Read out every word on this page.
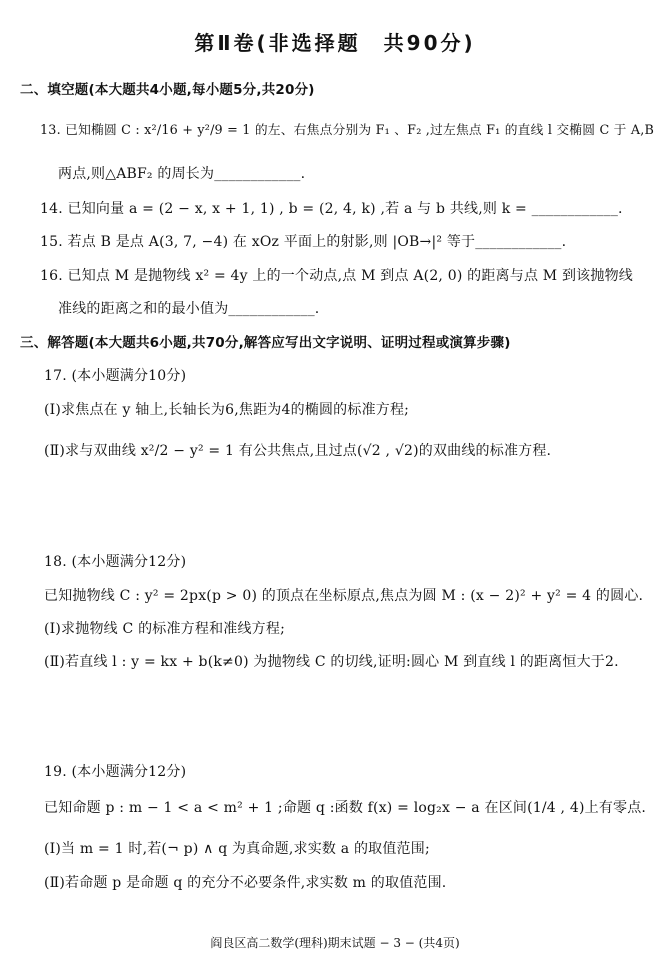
第Ⅱ卷(非选择题　共90分)
二、填空题(本大题共4小题,每小题5分,共20分)
13. 已知椭圆 C : x²/16 + y²/9 = 1 的左、右焦点分别为 F₁ 、F₂ ,过左焦点 F₁ 的直线 l 交椭圆 C 于 A,B
两点,则△ABF₂ 的周长为____________.
14. 已知向量 a = (2 − x, x + 1, 1) , b = (2, 4, k) ,若 a 与 b 共线,则 k = ____________.
15. 若点 B 是点 A(3, 7, −4) 在 xOz 平面上的射影,则 |OB→|² 等于____________.
16. 已知点 M 是抛物线 x² = 4y 上的一个动点,点 M 到点 A(2, 0) 的距离与点 M 到该抛物线
准线的距离之和的最小值为____________.
三、解答题(本大题共6小题,共70分,解答应写出文字说明、证明过程或演算步骤)
17. (本小题满分10分)
(Ⅰ)求焦点在 y 轴上,长轴长为6,焦距为4的椭圆的标准方程;
(Ⅱ)求与双曲线 x²/2 − y² = 1 有公共焦点,且过点(√2 , √2)的双曲线的标准方程.
18. (本小题满分12分)
已知抛物线 C : y² = 2px(p > 0) 的顶点在坐标原点,焦点为圆 M : (x − 2)² + y² = 4 的圆心.
(Ⅰ)求抛物线 C 的标准方程和准线方程;
(Ⅱ)若直线 l : y = kx + b(k≠0) 为抛物线 C 的切线,证明:圆心 M 到直线 l 的距离恒大于2.
19. (本小题满分12分)
已知命题 p : m − 1 < a < m² + 1 ;命题 q :函数 f(x) = log₂x − a 在区间(1/4 , 4)上有零点.
(Ⅰ)当 m = 1 时,若(¬ p) ∧ q 为真命题,求实数 a 的取值范围;
(Ⅱ)若命题 p 是命题 q 的充分不必要条件,求实数 m 的取值范围.
阎良区高二数学(理科)期末试题 − 3 − (共4页)
